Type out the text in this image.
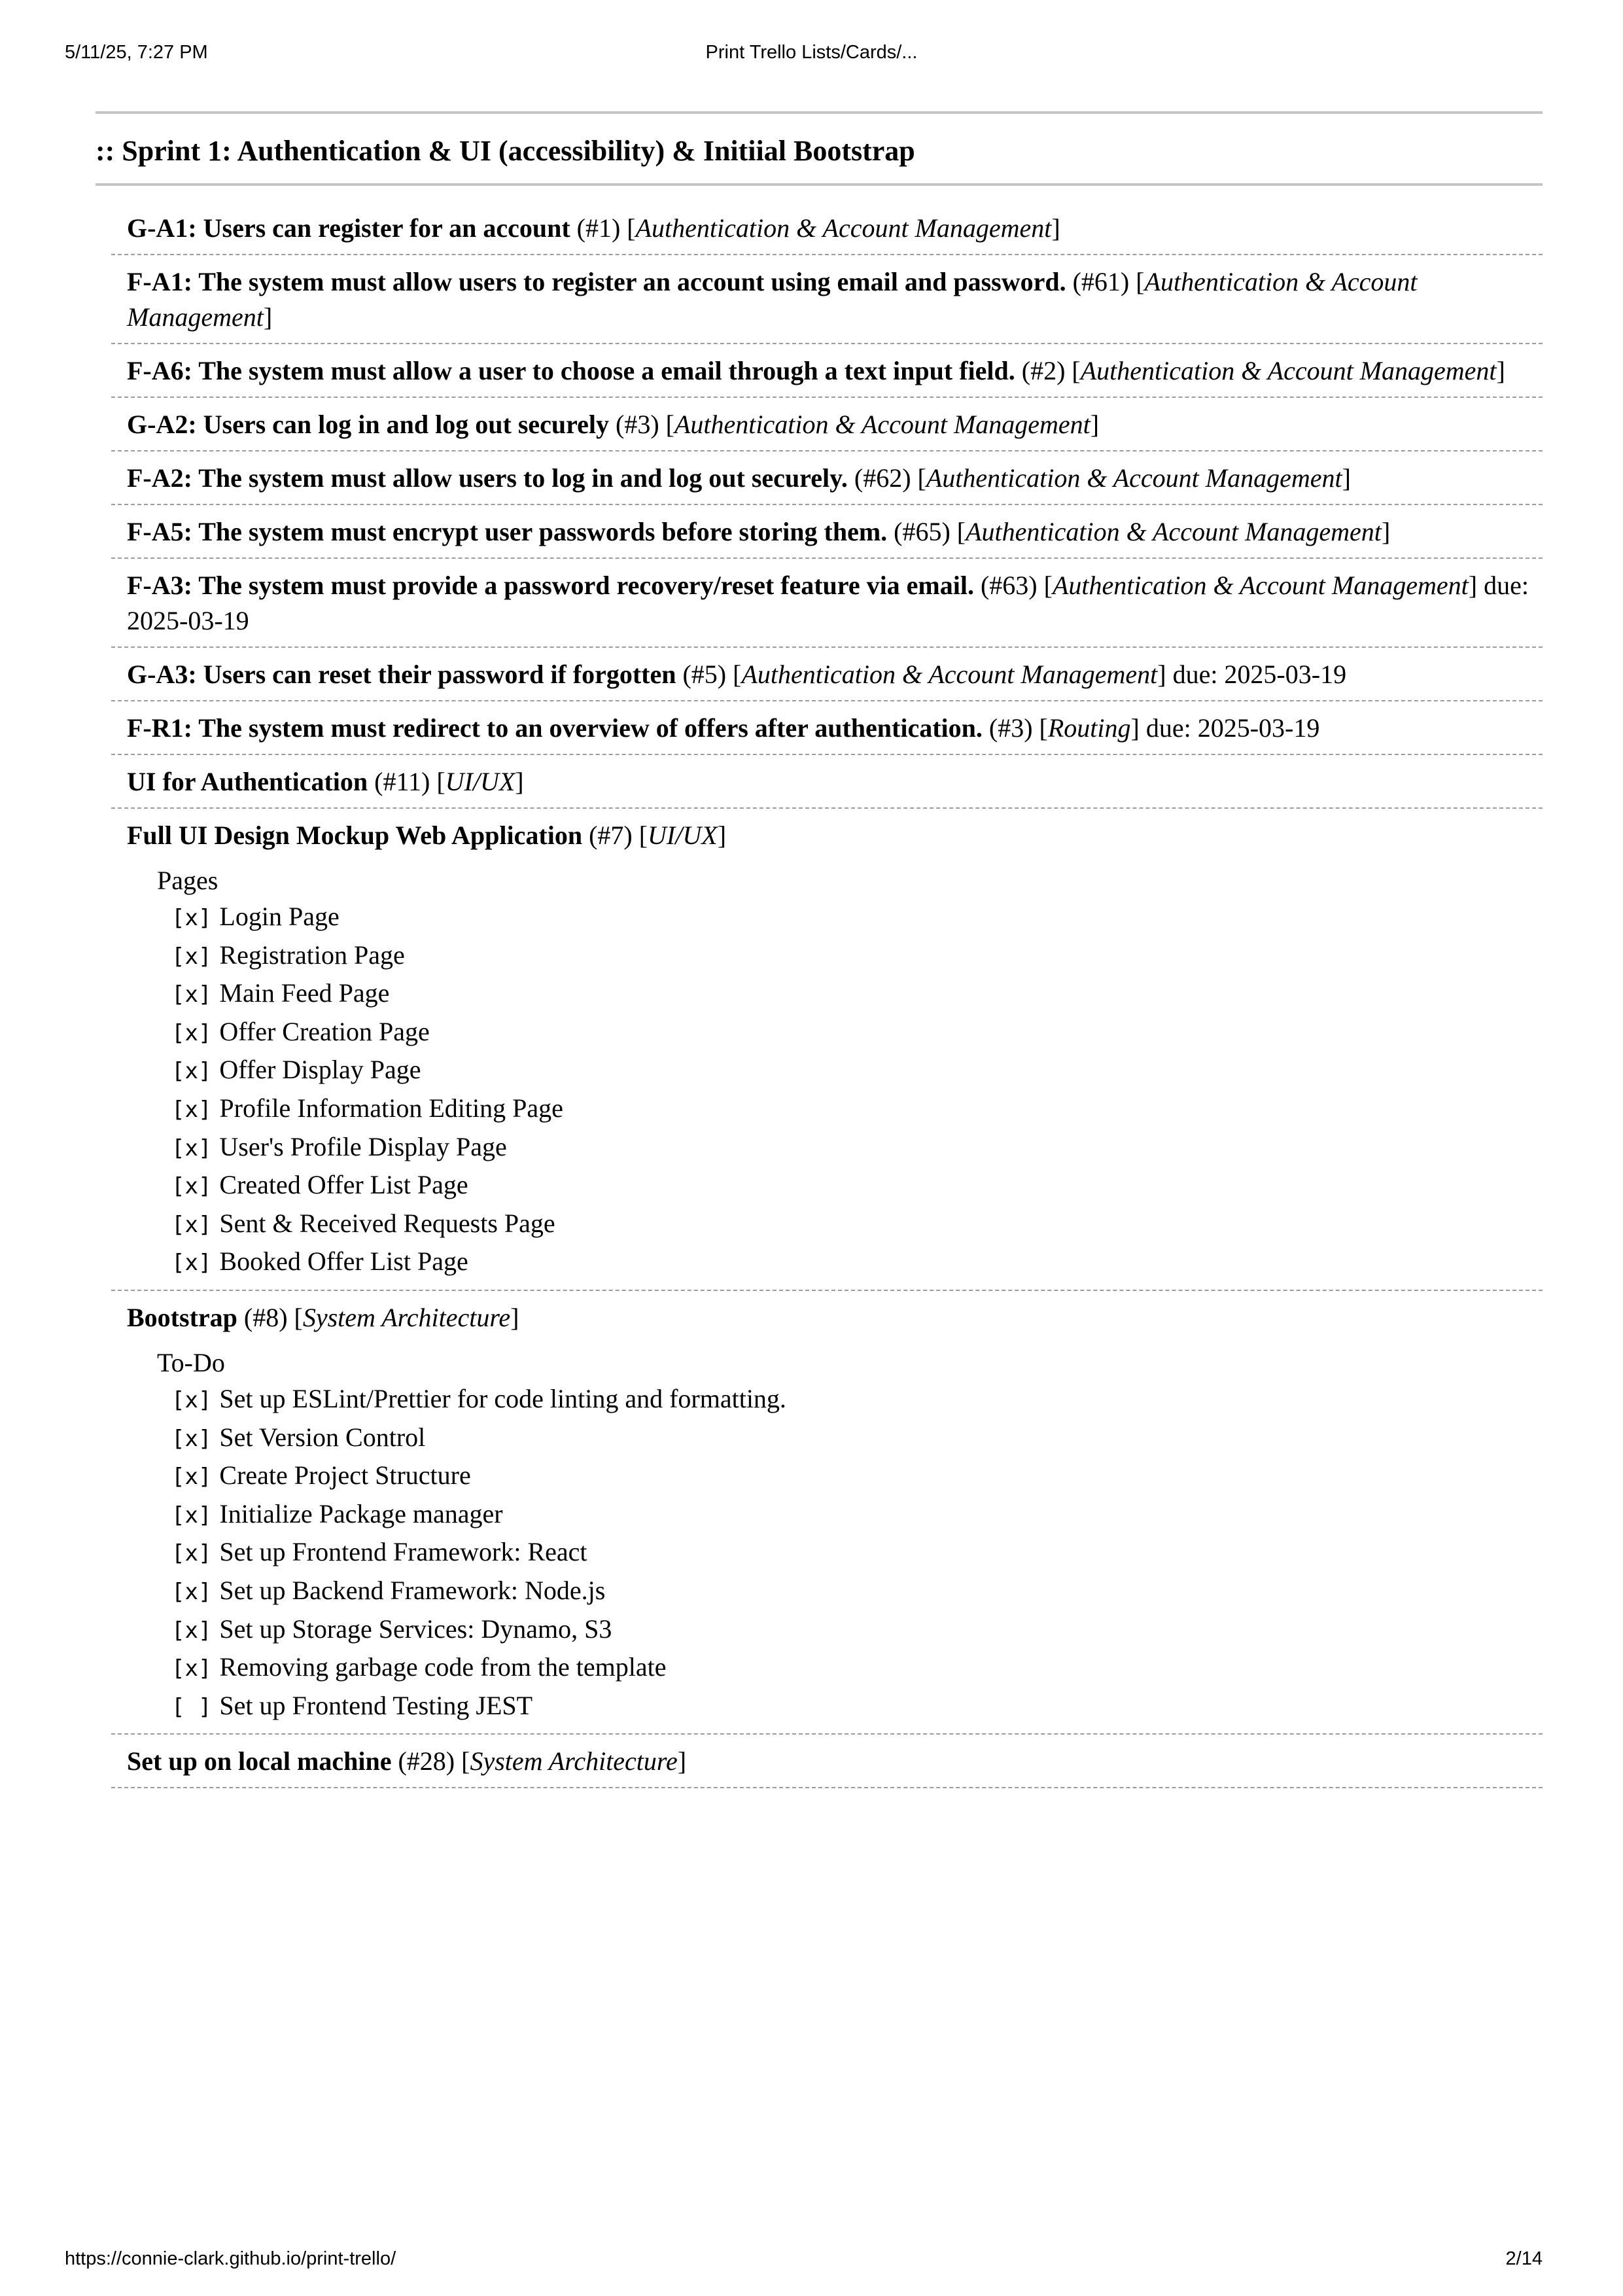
Print Trello Lists/Cards/...
5/11/25, 7:27 PM
:: Sprint 1: Authentication & UI (accessibility) & Initiial Bootstrap
G-A1: Users can register for an account (#1) [Authentication & Account Management]
F-A1: The system must allow users to register an account using email and password. (#61) [Authentication & Account Management]
F-A6: The system must allow a user to choose a email through a text input field. (#2) [Authentication & Account Management]
G-A2: Users can log in and log out securely (#3) [Authentication & Account Management]
F-A2: The system must allow users to log in and log out securely. (#62) [Authentication & Account Management]
F-A5: The system must encrypt user passwords before storing them. (#65) [Authentication & Account Management]
F-A3: The system must provide a password recovery/reset feature via email. (#63) [Authentication & Account Management] due: 2025-03-19
G-A3: Users can reset their password if forgotten (#5) [Authentication & Account Management] due: 2025-03-19
F-R1: The system must redirect to an overview of offers after authentication. (#3) [Routing] due: 2025-03-19
UI for Authentication (#11) [UI/UX]
Full UI Design Mockup Web Application (#7) [UI/UX]
Pages
[x] Login Page
[x] Registration Page
[x] Main Feed Page
[x] Offer Creation Page
[x] Offer Display Page
[x] Profile Information Editing Page
[x] User's Profile Display Page
[x] Created Offer List Page
[x] Sent & Received Requests Page
[x] Booked Offer List Page
Bootstrap (#8) [System Architecture]
To-Do
[x] Set up ESLint/Prettier for code linting and formatting.
[x] Set Version Control
[x] Create Project Structure
[x] Initialize Package manager
[x] Set up Frontend Framework: React
[x] Set up Backend Framework: Node.js
[x] Set up Storage Services: Dynamo, S3
[x] Removing garbage code from the template
[ ] Set up Frontend Testing JEST
Set up on local machine (#28) [System Architecture]
https://connie-clark.github.io/print-trello/	2/14
